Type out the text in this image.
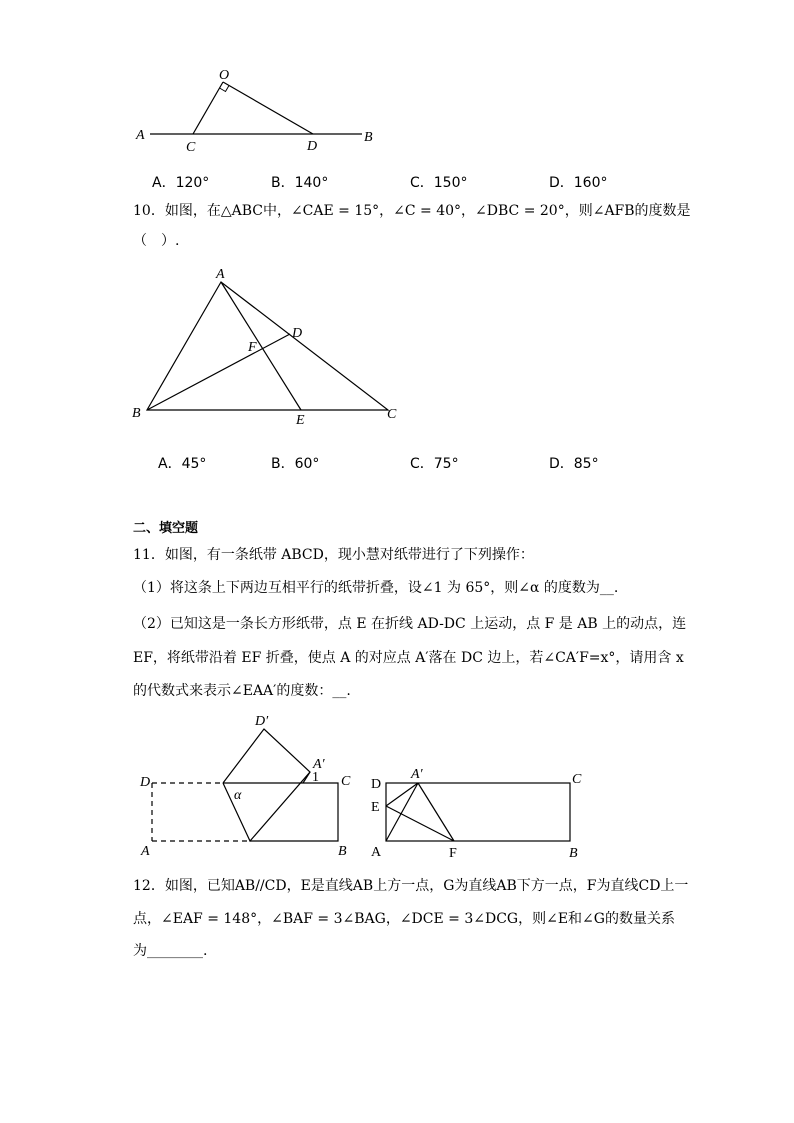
O
A	B
C	D
A．120°	B．140°	C．150°	D．160°
10．如图，在△ABC中，∠CAE = 15°，∠C = 40°，∠DBC = 20°，则∠AFB的度数是
（　）.
A
B	C
D
E
F
A．45°	B．60°	C．75°	D．85°
二、填空题
11．如图，有一条纸带 ABCD，现小慧对纸带进行了下列操作：
（1）将这条上下两边互相平行的纸带折叠，设∠1 为 65°，则∠α 的度数为__.
（2）已知这是一条长方形纸带，点 E 在折线 AD-DC 上运动，点 F 是 AB 上的动点，连
EF，将纸带沿着 EF 折叠，使点 A 的对应点 A′落在 DC 边上，若∠CA′F=x°，请用含 x
的代数式来表示∠EAA′的度数：__.
D
A	B
C
D′
A′
α
1	D
E
A	F	B
C
A′
12．如图，已知AB//CD，E是直线AB上方一点，G为直线AB下方一点，F为直线CD上一
点，∠EAF = 148°，∠BAF = 3∠BAG，∠DCE = 3∠DCG，则∠E和∠G的数量关系
为________.
